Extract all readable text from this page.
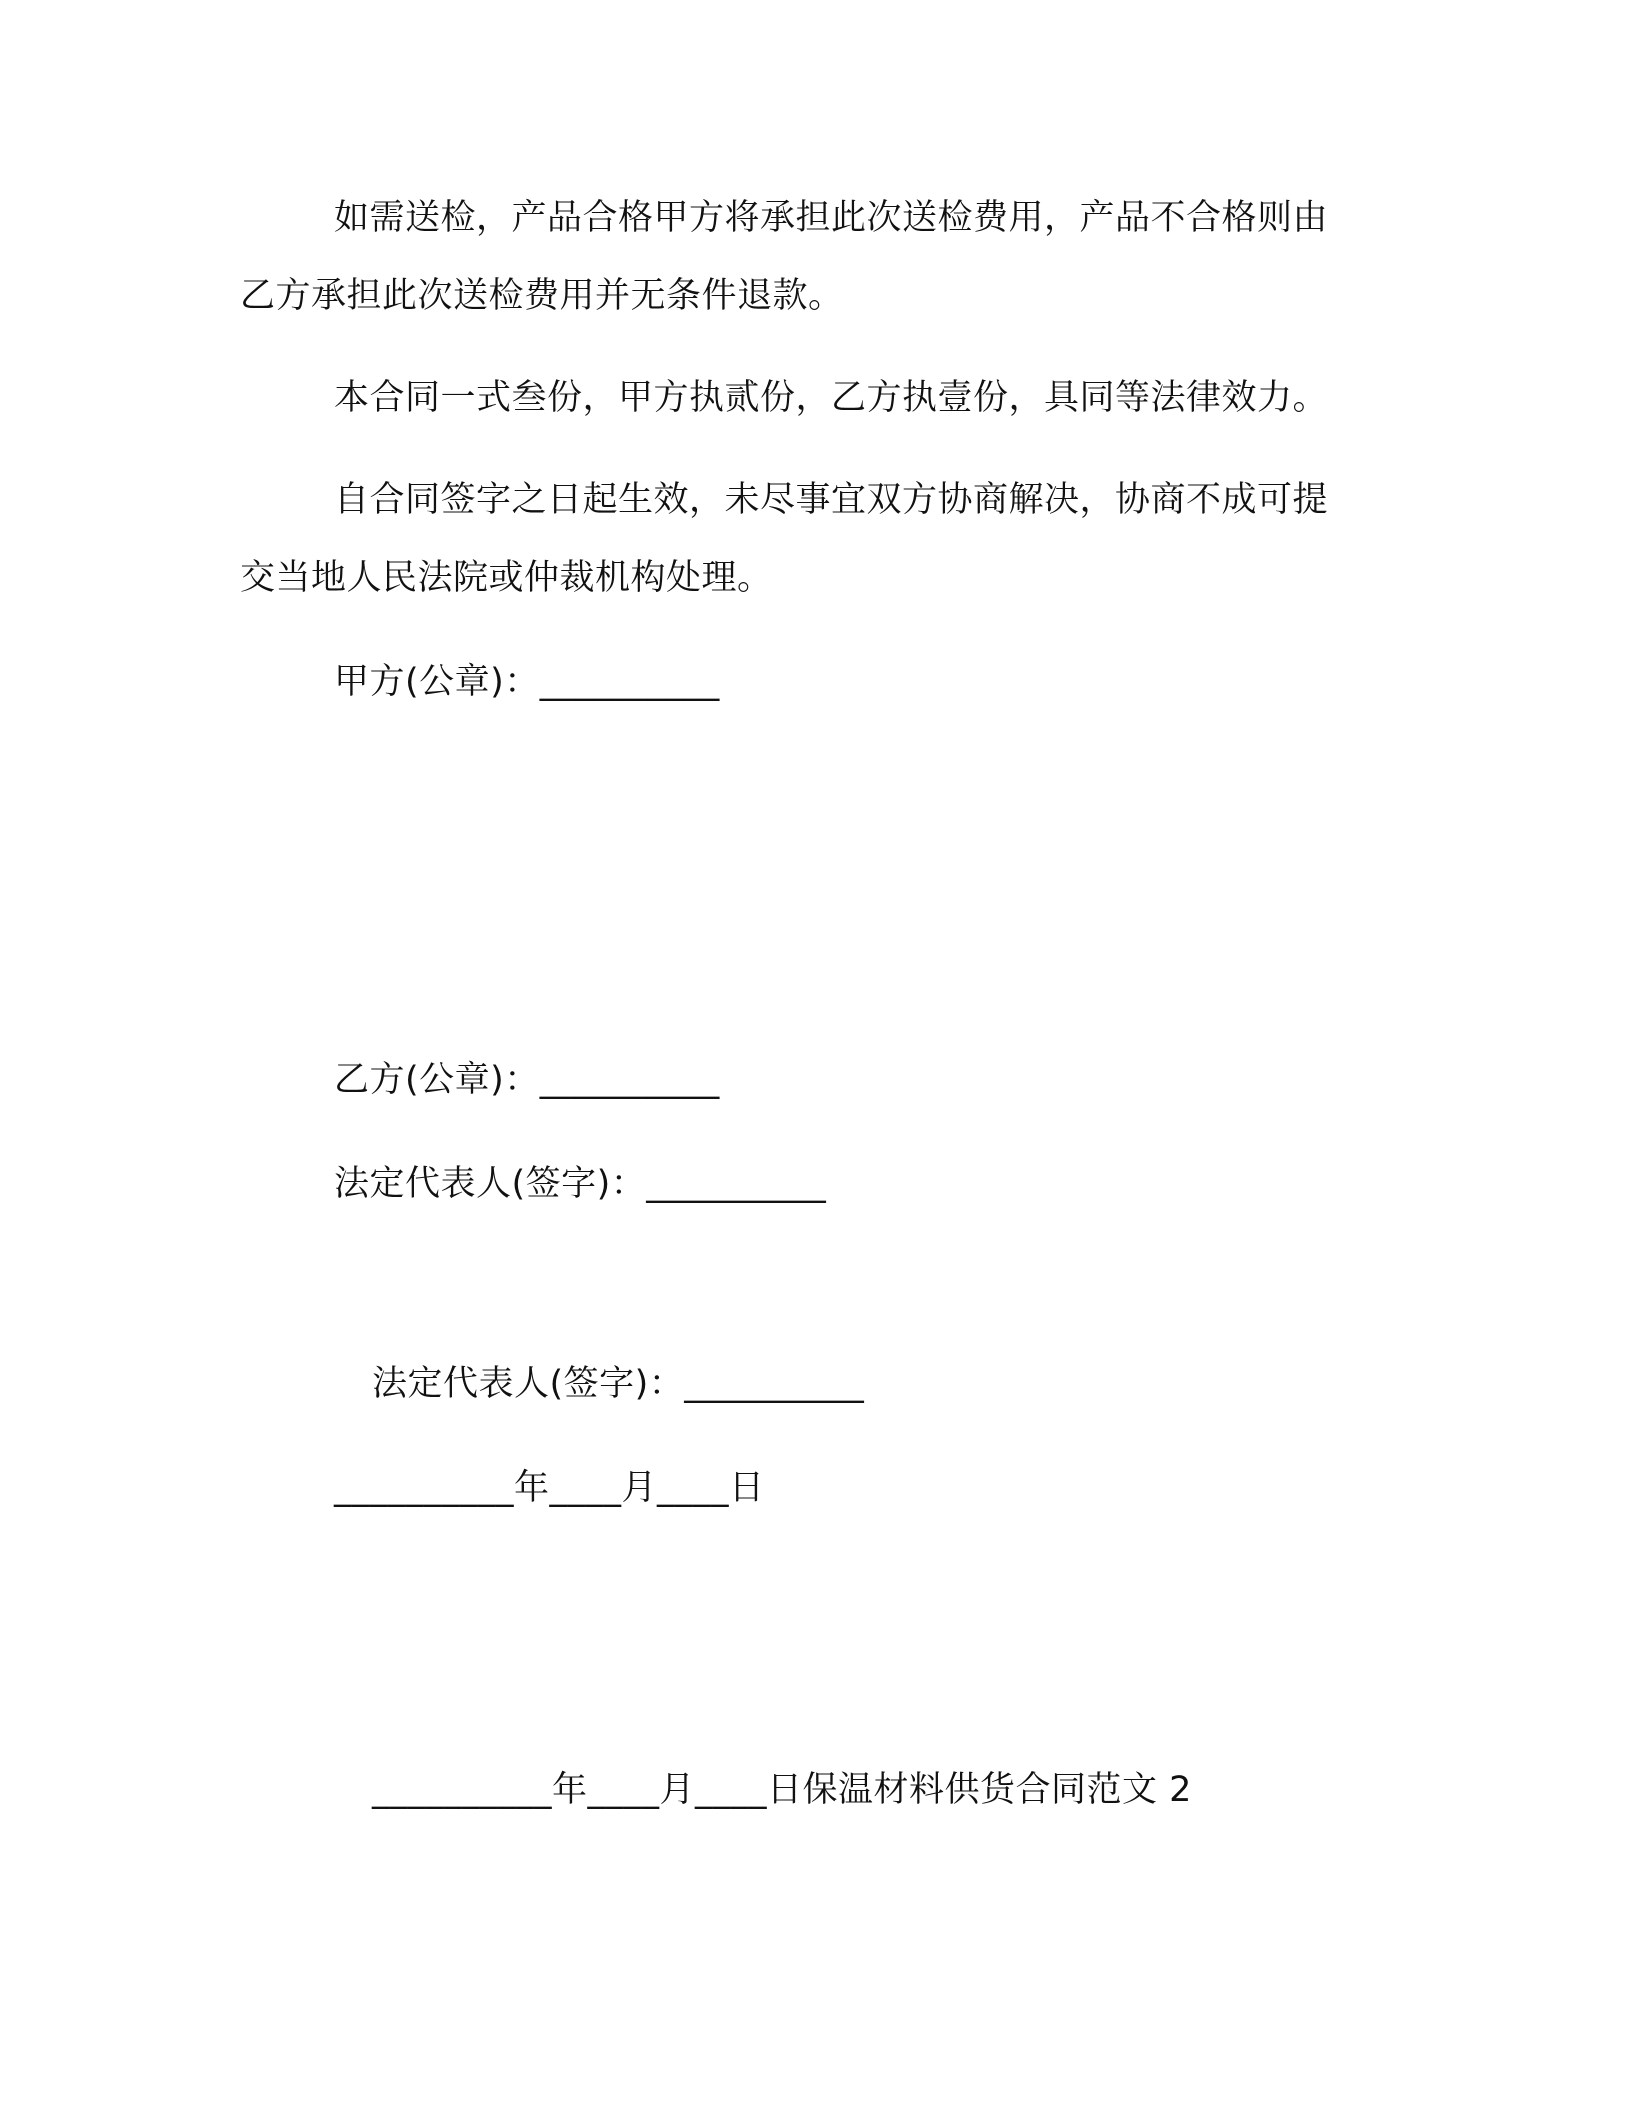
如需送检，产品合格甲方将承担此次送检费用，产品不合格则由
乙方承担此次送检费用并无条件退款。
本合同一式叁份，甲方执贰份，乙方执壹份，具同等法律效力。
自合同签字之日起生效，未尽事宜双方协商解决，协商不成可提
交当地人民法院或仲裁机构处理。
甲方(公章)：__________
乙方(公章)：__________
法定代表人(签字)：__________
法定代表人(签字)：__________
__________年____月____日
__________年____月____日保温材料供货合同范文 2
